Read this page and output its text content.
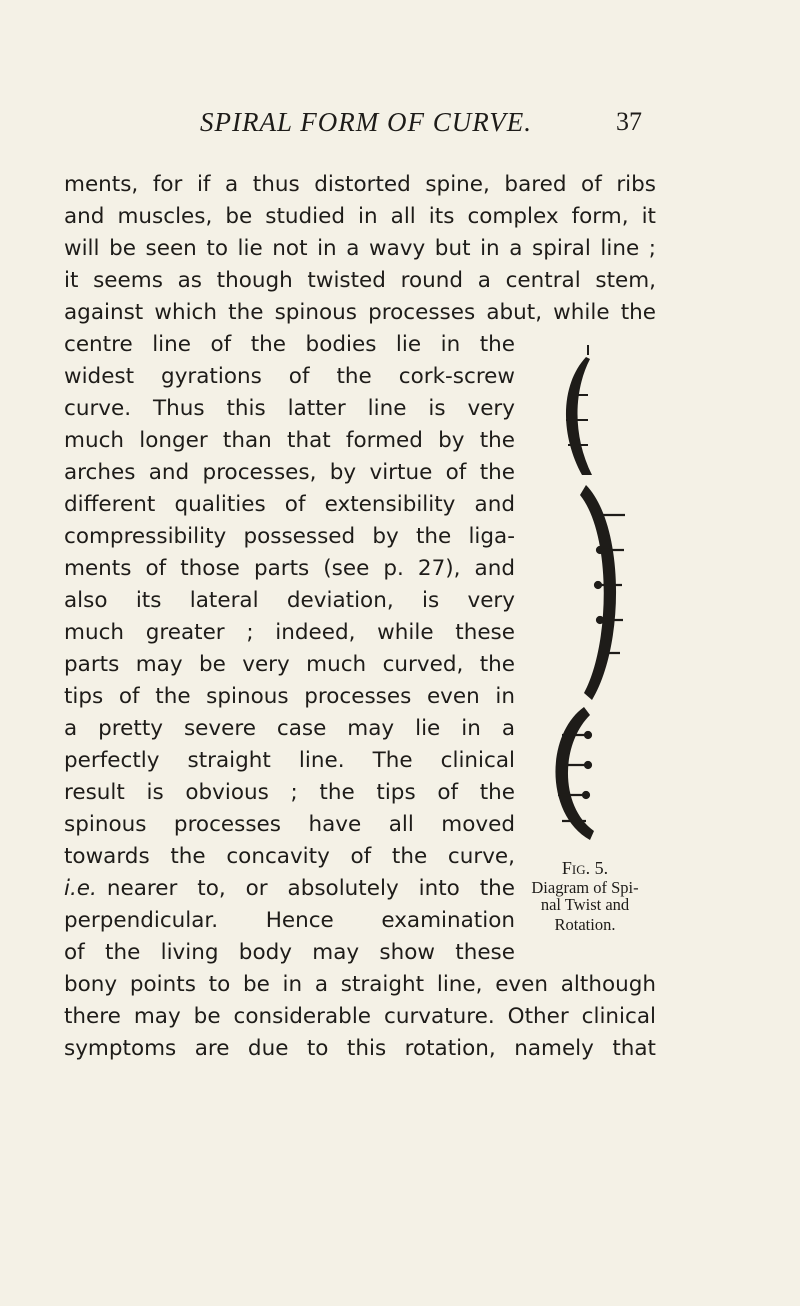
SPIRAL FORM OF CURVE.	37
ments, for if a thus distorted spine, bared of ribs
and muscles, be studied in all its complex form, it
will be seen to lie not in a wavy but in a spiral line ;
it seems as though twisted round a central stem,
against which the spinous processes abut, while the
centre line of the bodies lie in the
widest gyrations of the cork-screw
curve. Thus this latter line is very
much longer than that formed by the
arches and processes, by virtue of the
different qualities of extensibility and
compressibility possessed by the liga-
ments of those parts (see p. 27), and
also its lateral deviation, is very
much greater ; indeed, while these
parts may be very much curved, the
tips of the spinous processes even in
a pretty severe case may lie in a
perfectly straight line. The clinical
result is obvious ; the tips of the
spinous processes have all moved
towards the concavity of the curve,
i.e. nearer to, or absolutely into the
perpendicular. Hence examination
of the living body may show these
bony points to be in a straight line, even although
there may be considerable curvature. Other clinical
symptoms are due to this rotation, namely that
Fig. 5.
Diagram of Spi-
nal Twist and
Rotation.
